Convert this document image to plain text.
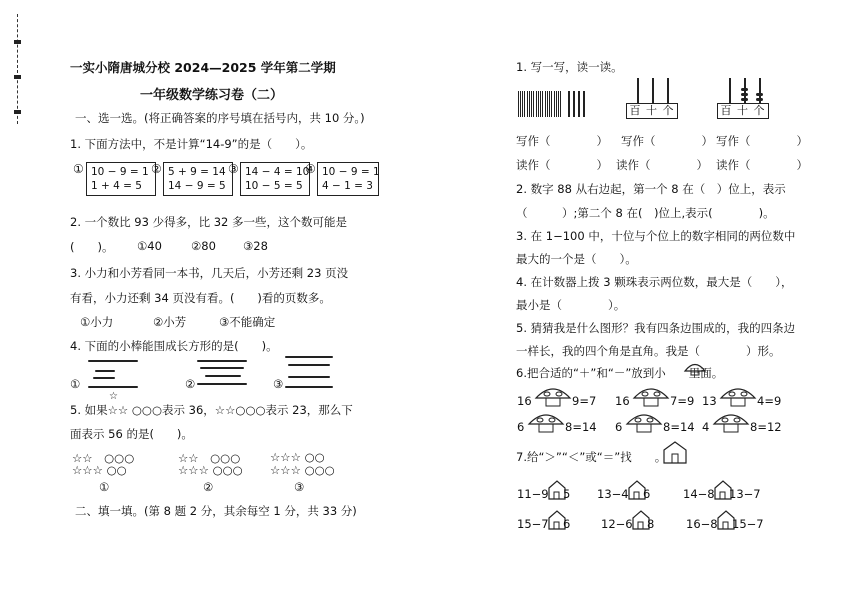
一实小隋唐城分校 2024—2025 学年第二学期
一年级数学练习卷（二）
一、选一选。(将正确答案的序号填在括号内，共 10 分。)
1. 下面方法中，不是计算“14-9”的是（　　）。
① 10 − 9 = 1
1 + 4 = 5
② 5 + 9 = 14
14 − 9 = 5
③ 14 − 4 = 10
10 − 5 = 5
④ 10 − 9 = 1
4 − 1 = 3
2. 一个数比 93 少得多，比 32 多一些，这个数可能是
(　　)。 ①40	②80 ③28
3. 小力和小芳看同一本书，几天后，小芳还剩 23 页没
有看，小力还剩 34 页没有看。(　　)看的页数多。
①小力	②小芳	③不能确定
4. 下面的小棒能围成长方形的是(　　)。
①	②	③
5. 如果☆☆ ○○○表示 36，☆☆○○○表示 23，那么下
☆
面表示 56 的是(　　)。
☆☆　○○○
☆☆☆ ○○
①
☆☆　○○○
☆☆☆ ○○○
②
☆☆☆ ○○
☆☆☆ ○○○
③
二、填一填。(第 8 题 2 分，其余每空 1 分，共 33 分)
1. 写一写，读一读。
百 十 个	百 十 个
写作（　　　　） 写作（　　　　） 写作（　　　　）
读作（　　　　） 读作（　　　　） 读作（　　　　）
2. 数字 88 从右边起，第一个 8 在（　）位上，表示
（　　　）;第二个 8 在(　)位上,表示(　　　　)。
3. 在 1−100 中，十位与个位上的数字相同的两位数中
最大的一个是（　　）。
4. 在计数器上拨 3 颗珠表示两位数，最大是（　　），
最小是（　　　　）。
5. 猜猜我是什么图形？我有四条边围成的，我的四条边
一样长，我的四个角是直角。我是（　　　　）形。
6.把合适的“＋”和“－”放到小　　里面。
16	9=7 16	7=9 13	4=9
6	8=14 6	8=14 4	8=12
7.给“＞”“＜”或“＝”找　　。
11−9 5 13−4 6	14−8 13−7
15−7 6	12−6 8	16−8 15−7
